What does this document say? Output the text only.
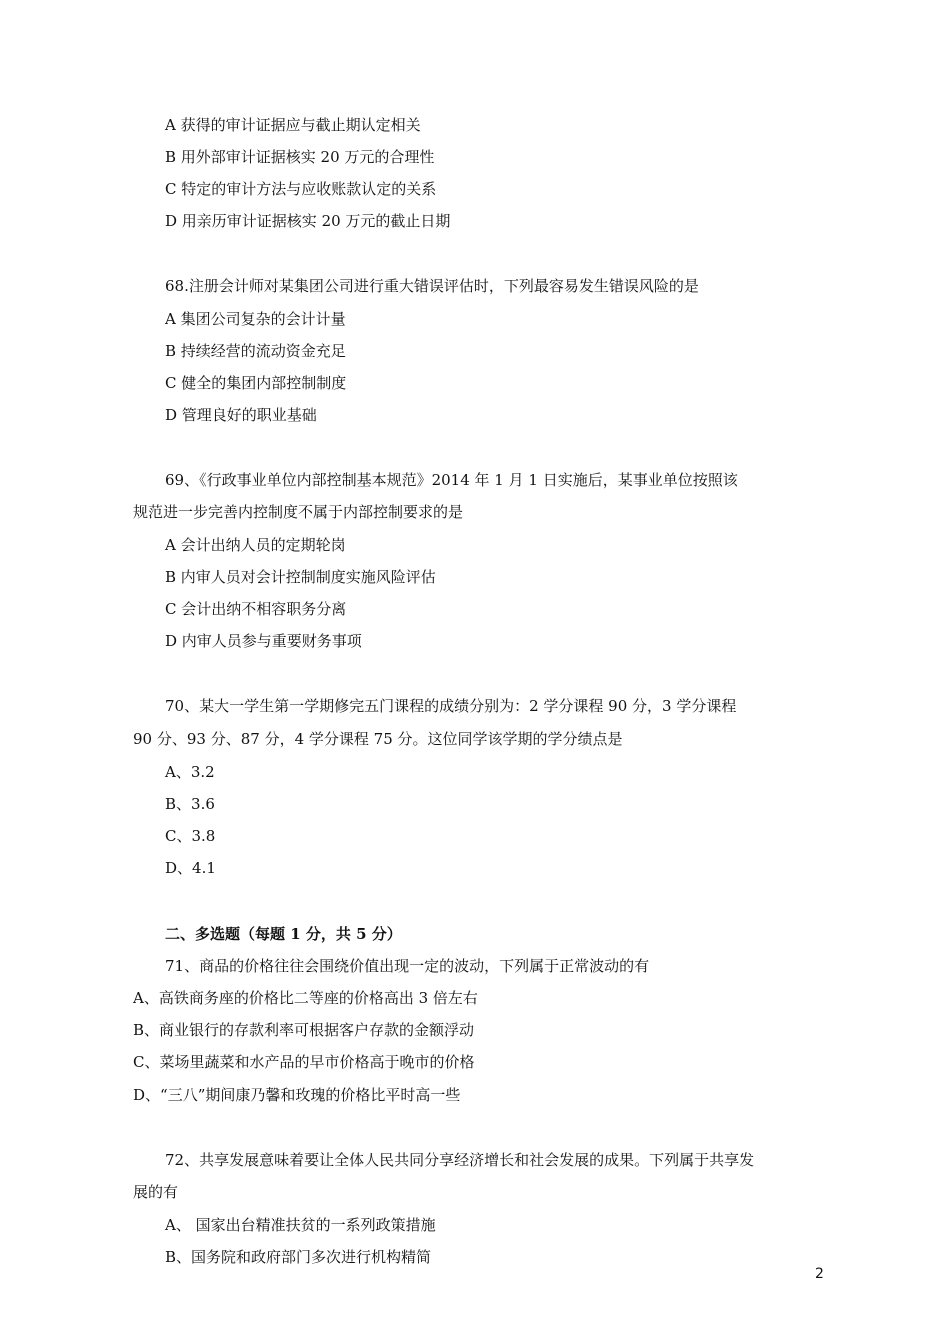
A 获得的审计证据应与截止期认定相关
B 用外部审计证据核实 20 万元的合理性
C 特定的审计方法与应收账款认定的关系
D 用亲历审计证据核实 20 万元的截止日期
68.注册会计师对某集团公司进行重大错误评估时，下列最容易发生错误风险的是
A 集团公司复杂的会计计量
B 持续经营的流动资金充足
C 健全的集团内部控制制度
D 管理良好的职业基础
69、《行政事业单位内部控制基本规范》2014 年 1 月 1 日实施后，某事业单位按照该
规范进一步完善内控制度不属于内部控制要求的是
A 会计出纳人员的定期轮岗
B 内审人员对会计控制制度实施风险评估
C 会计出纳不相容职务分离
D 内审人员参与重要财务事项
70、某大一学生第一学期修完五门课程的成绩分别为：2 学分课程 90 分，3 学分课程
90 分、93 分、87 分，4 学分课程 75 分。这位同学该学期的学分绩点是
A、3.2
B、3.6
C、3.8
D、4.1
二、多选题（每题 1 分，共 5 分）
71、商品的价格往往会围绕价值出现一定的波动，下列属于正常波动的有
A、高铁商务座的价格比二等座的价格高出 3 倍左右
B、商业银行的存款利率可根据客户存款的金额浮动
C、菜场里蔬菜和水产品的早市价格高于晚市的价格
D、“三八”期间康乃馨和玫瑰的价格比平时高一些
72、共享发展意味着要让全体人民共同分享经济增长和社会发展的成果。下列属于共享发
展的有
A、 国家出台精准扶贫的一系列政策措施
B、国务院和政府部门多次进行机构精简
2
